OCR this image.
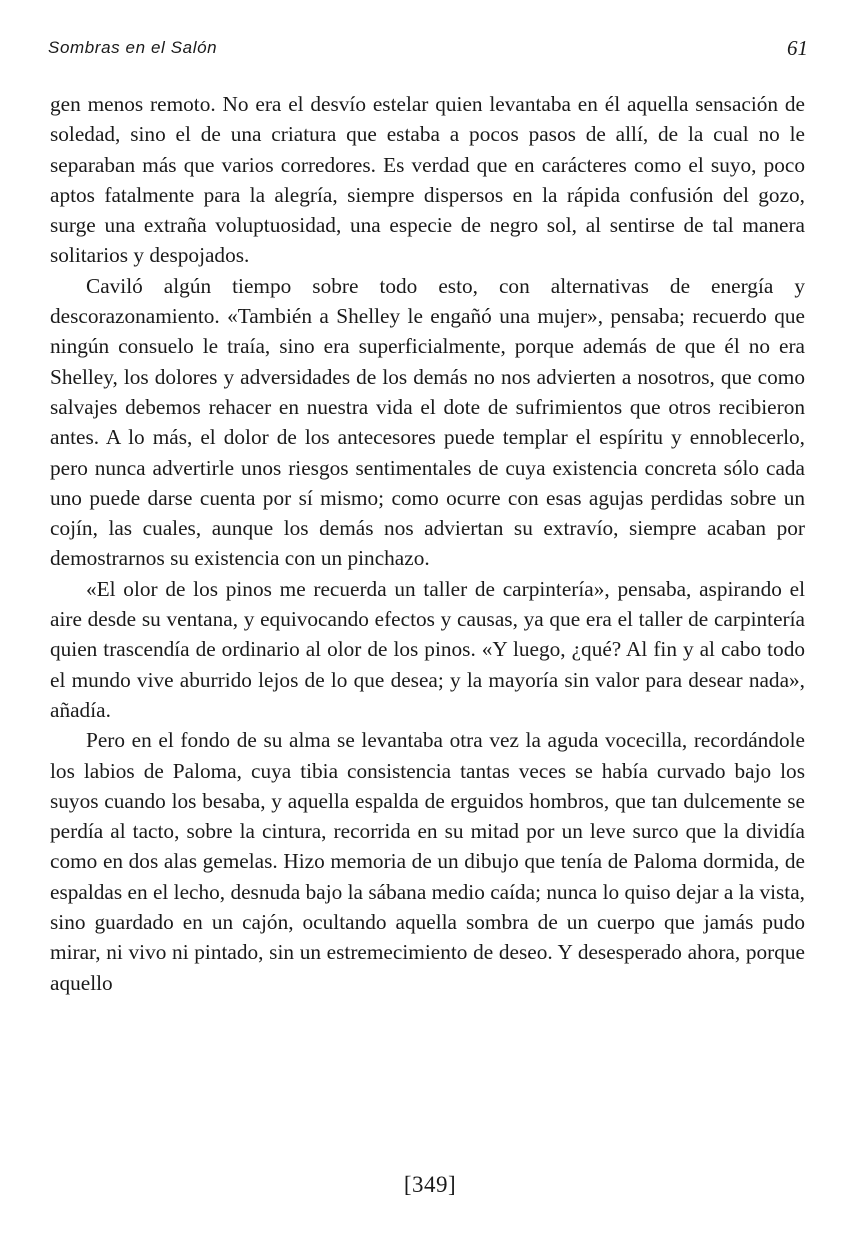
Sombras en el Salón	61

gen menos remoto. No era el desvío estelar quien levantaba en él aquella sensación de soledad, sino el de una criatura que estaba a pocos pasos de allí, de la cual no le separaban más que varios corredores. Es verdad que en carácteres como el suyo, poco aptos fatalmente para la alegría, siempre dispersos en la rápida confusión del gozo, surge una extraña voluptuosidad, una especie de negro sol, al sentirse de tal manera solitarios y despojados.

Caviló algún tiempo sobre todo esto, con alternativas de energía y descorazonamiento. «También a Shelley le engañó una mujer», pensaba; recuerdo que ningún consuelo le traía, sino era superficialmente, porque además de que él no era Shelley, los dolores y adversidades de los demás no nos advierten a nosotros, que como salvajes debemos rehacer en nuestra vida el dote de sufrimientos que otros recibieron antes. A lo más, el dolor de los antecesores puede templar el espíritu y ennoblecerlo, pero nunca advertirle unos riesgos sentimentales de cuya existencia concreta sólo cada uno puede darse cuenta por sí mismo; como ocurre con esas agujas perdidas sobre un cojín, las cuales, aunque los demás nos adviertan su extravío, siempre acaban por demostrarnos su existencia con un pinchazo.

«El olor de los pinos me recuerda un taller de carpintería», pensaba, aspirando el aire desde su ventana, y equivocando efectos y causas, ya que era el taller de carpintería quien trascendía de ordinario al olor de los pinos. «Y luego, ¿qué? Al fin y al cabo todo el mundo vive aburrido lejos de lo que desea; y la mayoría sin valor para desear nada», añadía.

Pero en el fondo de su alma se levantaba otra vez la aguda vocecilla, recordándole los labios de Paloma, cuya tibia consistencia tantas veces se había curvado bajo los suyos cuando los besaba, y aquella espalda de erguidos hombros, que tan dulcemente se perdía al tacto, sobre la cintura, recorrida en su mitad por un leve surco que la dividía como en dos alas gemelas. Hizo memoria de un dibujo que tenía de Paloma dormida, de espaldas en el lecho, desnuda bajo la sábana medio caída; nunca lo quiso dejar a la vista, sino guardado en un cajón, ocultando aquella sombra de un cuerpo que jamás pudo mirar, ni vivo ni pintado, sin un estremecimiento de deseo. Y desesperado ahora, porque aquello

[349]
